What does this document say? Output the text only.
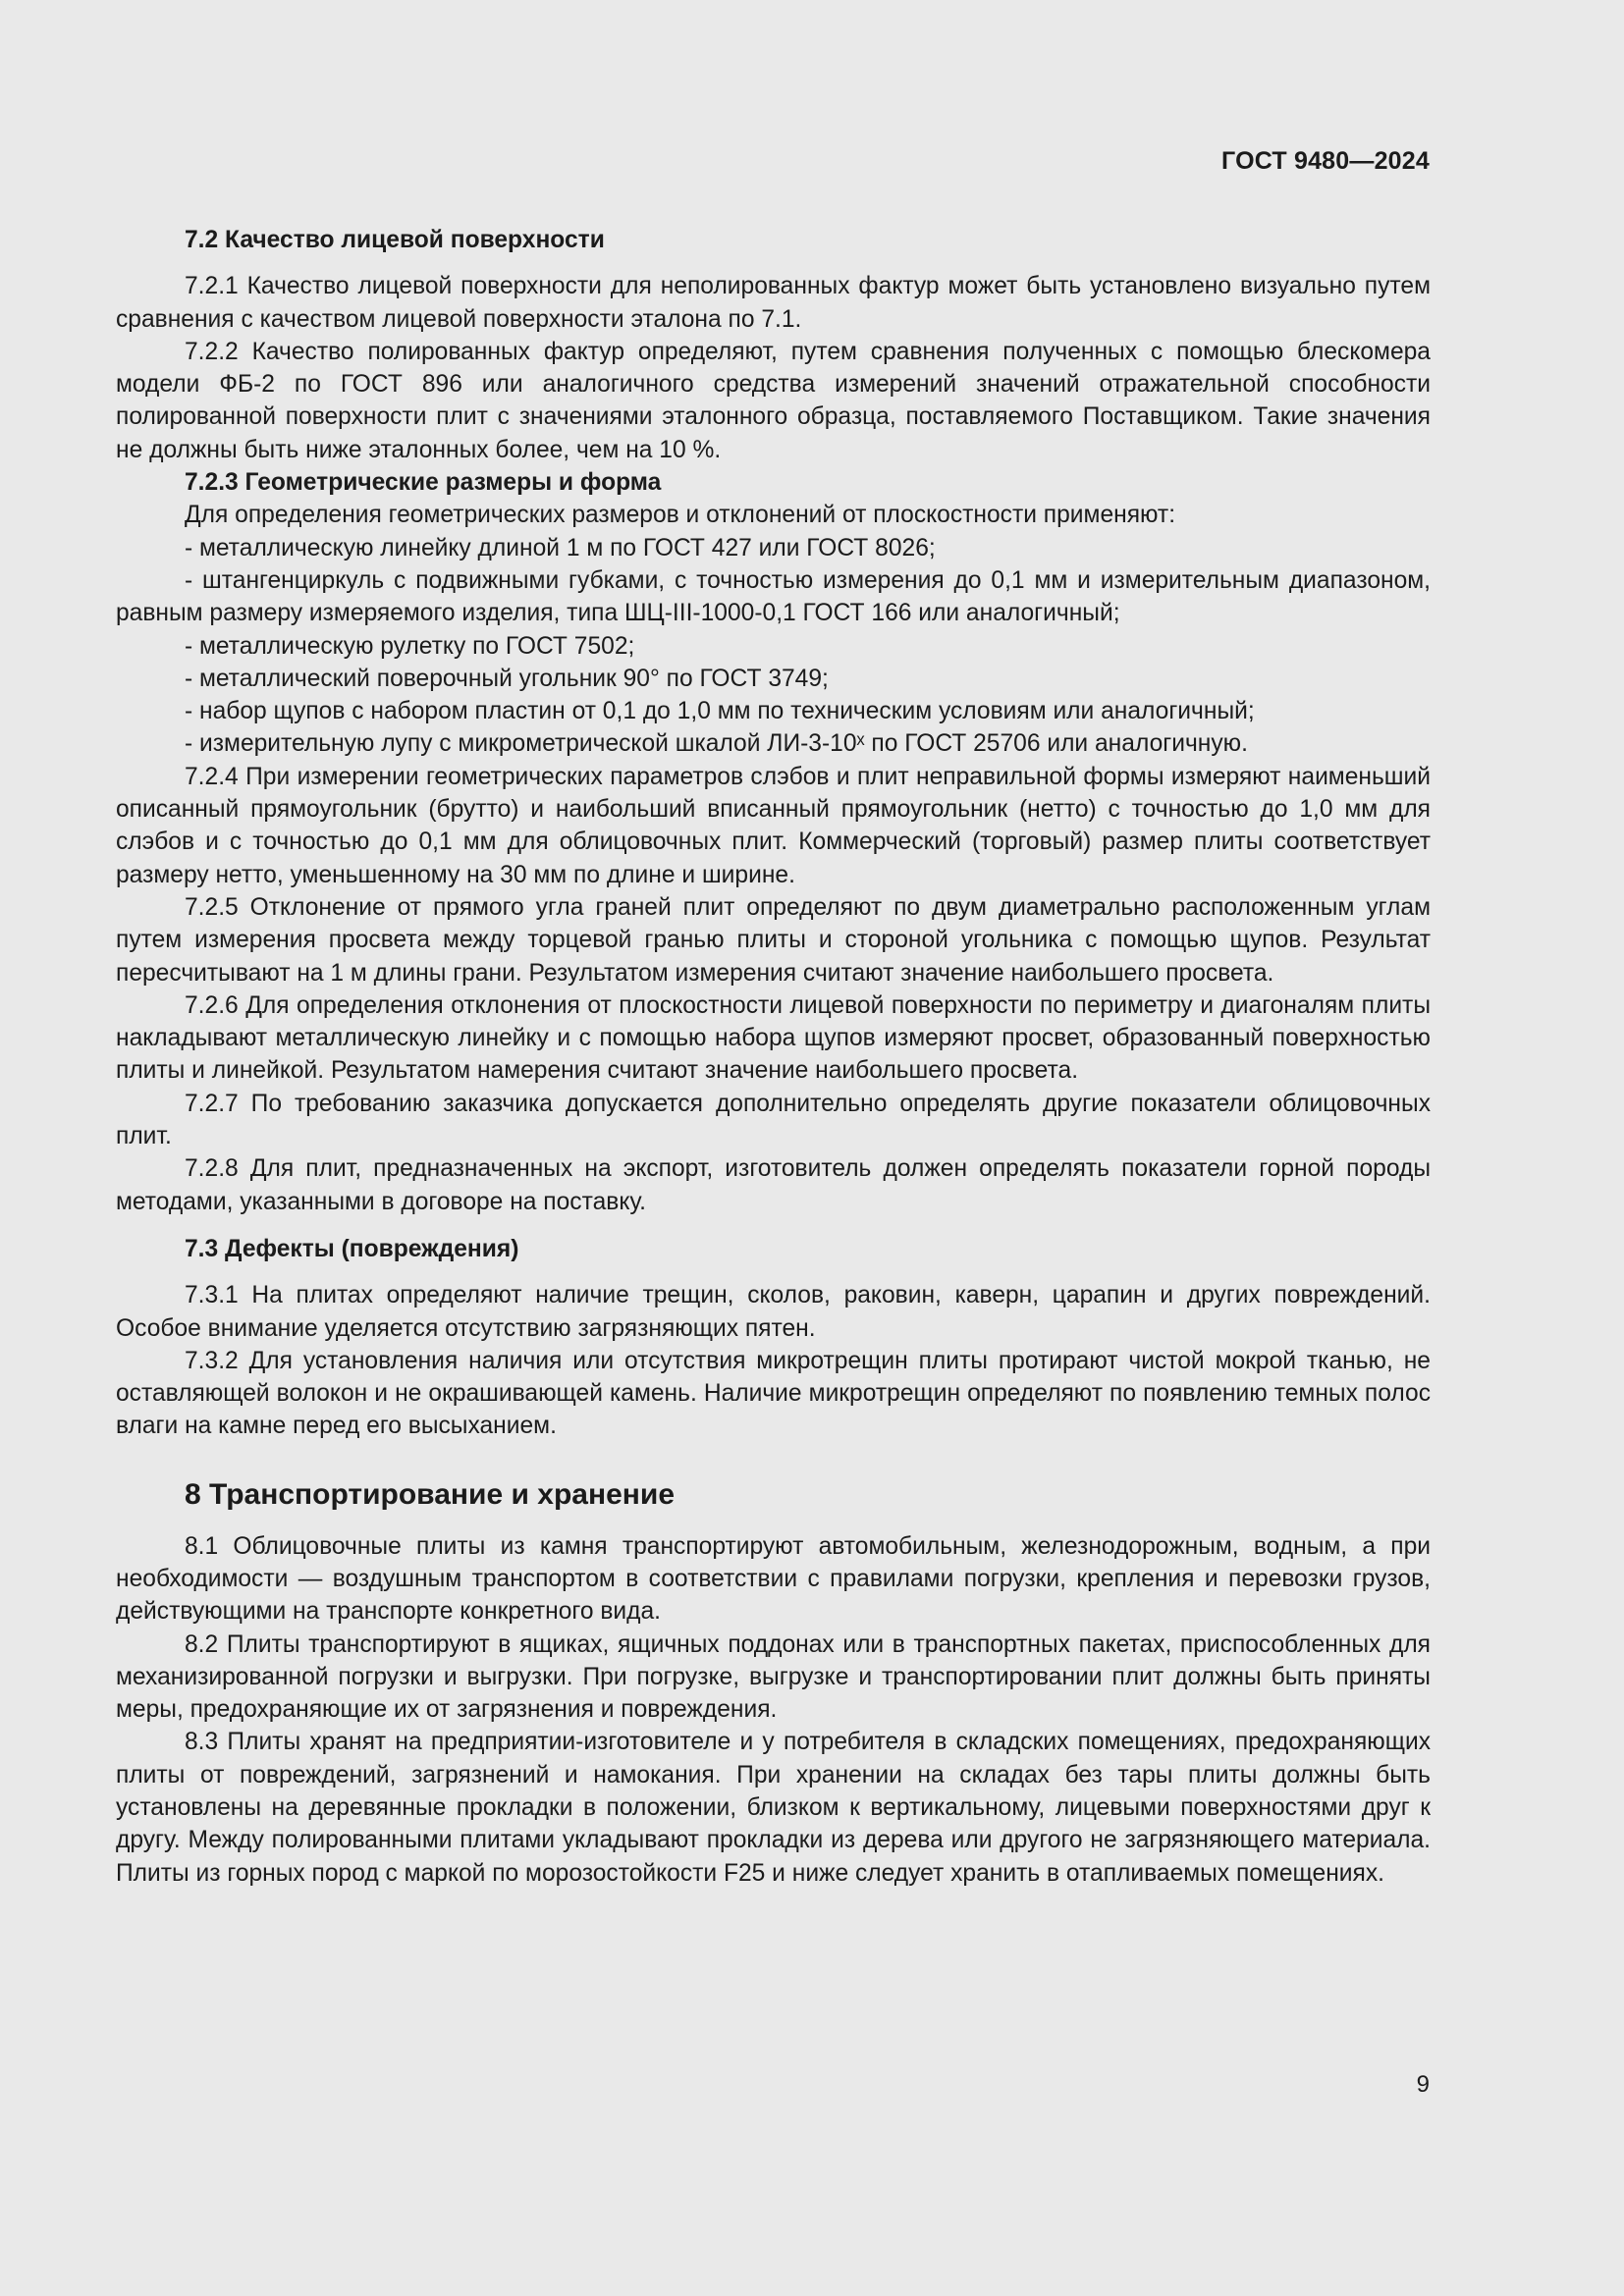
ГОСТ 9480—2024

7.2 Качество лицевой поверхности

7.2.1 Качество лицевой поверхности для неполированных фактур может быть установлено визуально путем сравнения с качеством лицевой поверхности эталона по 7.1.

7.2.2 Качество полированных фактур определяют, путем сравнения полученных с помощью блескомера модели ФБ-2 по ГОСТ 896 или аналогичного средства измерений значений отражательной способности полированной поверхности плит с значениями эталонного образца, поставляемого Поставщиком. Такие значения не должны быть ниже эталонных более, чем на 10 %.

7.2.3 Геометрические размеры и форма

Для определения геометрических размеров и отклонений от плоскостности применяют:

- металлическую линейку длиной 1 м по ГОСТ 427 или ГОСТ 8026;

- штангенциркуль с подвижными губками, с точностью измерения до 0,1 мм и измерительным диапазоном, равным размеру измеряемого изделия, типа ШЦ-III-1000-0,1 ГОСТ 166 или аналогичный;

- металлическую рулетку по ГОСТ 7502;

- металлический поверочный угольник 90° по ГОСТ 3749;

- набор щупов с набором пластин от 0,1 до 1,0 мм по техническим условиям или аналогичный;

- измерительную лупу с микрометрической шкалой ЛИ-3-10ˣ по ГОСТ 25706 или аналогичную.

7.2.4 При измерении геометрических параметров слэбов и плит неправильной формы измеряют наименьший описанный прямоугольник (брутто) и наибольший вписанный прямоугольник (нетто) с точностью до 1,0 мм для слэбов и с точностью до 0,1 мм для облицовочных плит. Коммерческий (торговый) размер плиты соответствует размеру нетто, уменьшенному на 30 мм по длине и ширине.

7.2.5 Отклонение от прямого угла граней плит определяют по двум диаметрально расположенным углам путем измерения просвета между торцевой гранью плиты и стороной угольника с помощью щупов. Результат пересчитывают на 1 м длины грани. Результатом измерения считают значение наибольшего просвета.

7.2.6 Для определения отклонения от плоскостности лицевой поверхности по периметру и диагоналям плиты накладывают металлическую линейку и с помощью набора щупов измеряют просвет, образованный поверхностью плиты и линейкой. Результатом намерения считают значение наибольшего просвета.

7.2.7 По требованию заказчика допускается дополнительно определять другие показатели облицовочных плит.

7.2.8 Для плит, предназначенных на экспорт, изготовитель должен определять показатели горной породы методами, указанными в договоре на поставку.

7.3 Дефекты (повреждения)

7.3.1 На плитах определяют наличие трещин, сколов, раковин, каверн, царапин и других повреждений. Особое внимание уделяется отсутствию загрязняющих пятен.

7.3.2 Для установления наличия или отсутствия микротрещин плиты протирают чистой мокрой тканью, не оставляющей волокон и не окрашивающей камень. Наличие микротрещин определяют по появлению темных полос влаги на камне перед его высыханием.

8 Транспортирование и хранение

8.1 Облицовочные плиты из камня транспортируют автомобильным, железнодорожным, водным, а при необходимости — воздушным транспортом в соответствии с правилами погрузки, крепления и перевозки грузов, действующими на транспорте конкретного вида.

8.2 Плиты транспортируют в ящиках, ящичных поддонах или в транспортных пакетах, приспособленных для механизированной погрузки и выгрузки. При погрузке, выгрузке и транспортировании плит должны быть приняты меры, предохраняющие их от загрязнения и повреждения.

8.3 Плиты хранят на предприятии-изготовителе и у потребителя в складских помещениях, предохраняющих плиты от повреждений, загрязнений и намокания. При хранении на складах без тары плиты должны быть установлены на деревянные прокладки в положении, близком к вертикальному, лицевыми поверхностями друг к другу. Между полированными плитами укладывают прокладки из дерева или другого не загрязняющего материала. Плиты из горных пород с маркой по морозостойкости F25 и ниже следует хранить в отапливаемых помещениях.

9
